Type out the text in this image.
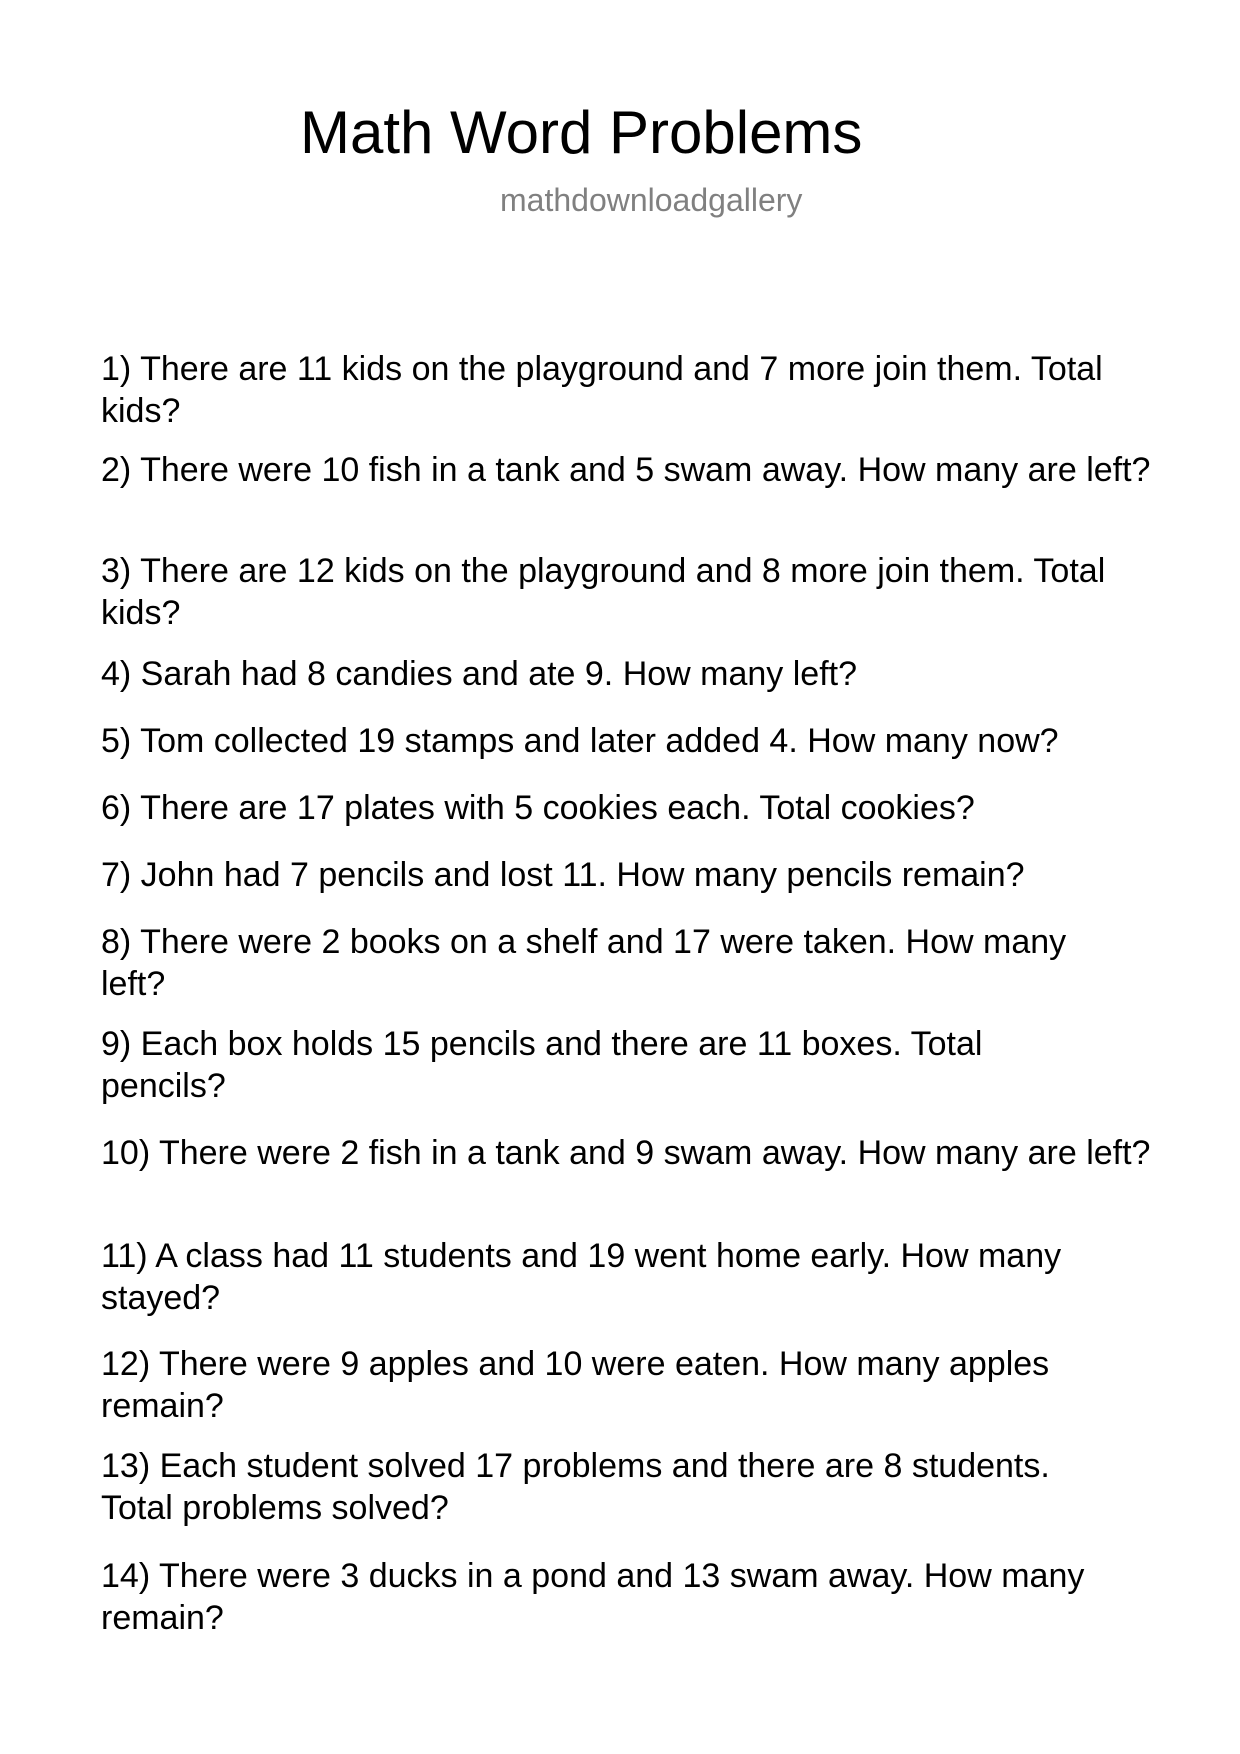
Math Word Problems
mathdownloadgallery
1) There are 11 kids on the playground and 7 more join them. Total kids?
2) There were 10 fish in a tank and 5 swam away. How many are left?
3) There are 12 kids on the playground and 8 more join them. Total kids?
4) Sarah had 8 candies and ate 9. How many left?
5) Tom collected 19 stamps and later added 4. How many now?
6) There are 17 plates with 5 cookies each. Total cookies?
7) John had 7 pencils and lost 11. How many pencils remain?
8) There were 2 books on a shelf and 17 were taken. How many left?
9) Each box holds 15 pencils and there are 11 boxes. Total pencils?
10) There were 2 fish in a tank and 9 swam away. How many are left?
11) A class had 11 students and 19 went home early. How many stayed?
12) There were 9 apples and 10 were eaten. How many apples remain?
13) Each student solved 17 problems and there are 8 students. Total problems solved?
14) There were 3 ducks in a pond and 13 swam away. How many remain?
